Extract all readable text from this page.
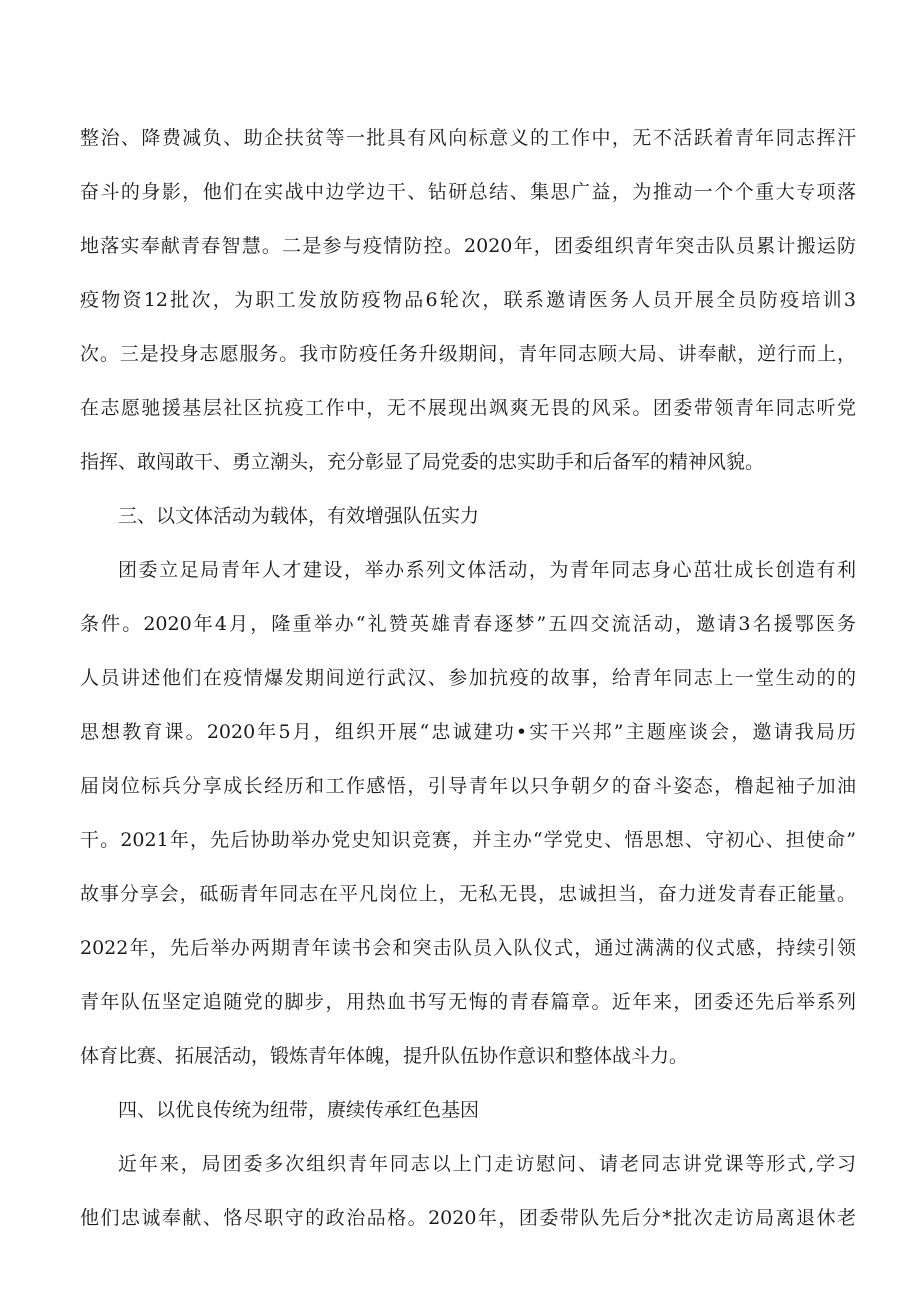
整治、降费减负、助企扶贫等一批具有风向标意义的工作中，无不活跃着青年同志挥汗
奋斗的身影，他们在实战中边学边干、钻研总结、集思广益，为推动一个个重大专项落
地落实奉献青春智慧。二是参与疫情防控。2020年，团委组织青年突击队员累计搬运防
疫物资12批次，为职工发放防疫物品6轮次，联系邀请医务人员开展全员防疫培训3
次。三是投身志愿服务。我市防疫任务升级期间，青年同志顾大局、讲奉献，逆行而上，
在志愿驰援基层社区抗疫工作中，无不展现出飒爽无畏的风采。团委带领青年同志听党
指挥、敢闯敢干、勇立潮头，充分彰显了局党委的忠实助手和后备军的精神风貌。
三、以文体活动为载体，有效增强队伍实力
团委立足局青年人才建设，举办系列文体活动，为青年同志身心茁壮成长创造有利
条件。2020年4月，隆重举办“礼赞英雄青春逐梦”五四交流活动，邀请3名援鄂医务
人员讲述他们在疫情爆发期间逆行武汉、参加抗疫的故事，给青年同志上一堂生动的的
思想教育课。2020年5月，组织开展“忠诚建功•实干兴邦”主题座谈会，邀请我局历
届岗位标兵分享成长经历和工作感悟，引导青年以只争朝夕的奋斗姿态，橹起袖子加油
干。2021年，先后协助举办党史知识竞赛，并主办“学党史、悟思想、守初心、担使命”
故事分享会，砥砺青年同志在平凡岗位上，无私无畏，忠诚担当，奋力迸发青春正能量。
2022年，先后举办两期青年读书会和突击队员入队仪式，通过满满的仪式感，持续引领
青年队伍坚定追随党的脚步，用热血书写无悔的青春篇章。近年来，团委还先后举系列
体育比赛、拓展活动，锻炼青年体魄，提升队伍协作意识和整体战斗力。
四、以优良传统为纽带，赓续传承红色基因
近年来，局团委多次组织青年同志以上门走访慰问、请老同志讲党课等形式,学习
他们忠诚奉献、恪尽职守的政治品格。2020年，团委带队先后分*批次走访局离退休老
